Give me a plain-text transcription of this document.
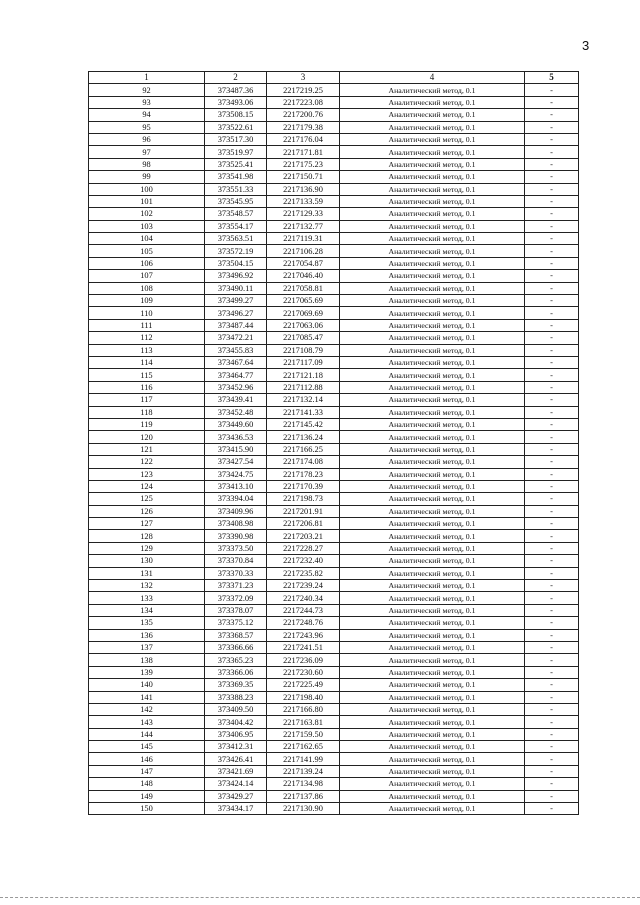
3
1	2	3	4	5
92	373487.36	2217219.25	Аналитический метод, 0.1	-
93	373493.06	2217223.08	Аналитический метод, 0.1	-
94	373508.15	2217200.76	Аналитический метод, 0.1	-
95	373522.61	2217179.38	Аналитический метод, 0.1	-
96	373517.30	2217176.04	Аналитический метод, 0.1	-
97	373519.97	2217171.81	Аналитический метод, 0.1	-
98	373525.41	2217175.23	Аналитический метод, 0.1	-
99	373541.98	2217150.71	Аналитический метод, 0.1	-
100	373551.33	2217136.90	Аналитический метод, 0.1	-
101	373545.95	2217133.59	Аналитический метод, 0.1	-
102	373548.57	2217129.33	Аналитический метод, 0.1	-
103	373554.17	2217132.77	Аналитический метод, 0.1	-
104	373563.51	2217119.31	Аналитический метод, 0.1	-
105	373572.19	2217106.28	Аналитический метод, 0.1	-
106	373504.15	2217054.87	Аналитический метод, 0.1	-
107	373496.92	2217046.40	Аналитический метод, 0.1	-
108	373490.11	2217058.81	Аналитический метод, 0.1	-
109	373499.27	2217065.69	Аналитический метод, 0.1	-
110	373496.27	2217069.69	Аналитический метод, 0.1	-
111	373487.44	2217063.06	Аналитический метод, 0.1	-
112	373472.21	2217085.47	Аналитический метод, 0.1	-
113	373455.83	2217108.79	Аналитический метод, 0.1	-
114	373467.64	2217117.09	Аналитический метод, 0.1	-
115	373464.77	2217121.18	Аналитический метод, 0.1	-
116	373452.96	2217112.88	Аналитический метод, 0.1	-
117	373439.41	2217132.14	Аналитический метод, 0.1	-
118	373452.48	2217141.33	Аналитический метод, 0.1	-
119	373449.60	2217145.42	Аналитический метод, 0.1	-
120	373436.53	2217136.24	Аналитический метод, 0.1	-
121	373415.90	2217166.25	Аналитический метод, 0.1	-
122	373427.54	2217174.08	Аналитический метод, 0.1	-
123	373424.75	2217178.23	Аналитический метод, 0.1	-
124	373413.10	2217170.39	Аналитический метод, 0.1	-
125	373394.04	2217198.73	Аналитический метод, 0.1	-
126	373409.96	2217201.91	Аналитический метод, 0.1	-
127	373408.98	2217206.81	Аналитический метод, 0.1	-
128	373390.98	2217203.21	Аналитический метод, 0.1	-
129	373373.50	2217228.27	Аналитический метод, 0.1	-
130	373370.84	2217232.40	Аналитический метод, 0.1	-
131	373370.33	2217235.82	Аналитический метод, 0.1	-
132	373371.23	2217239.24	Аналитический метод, 0.1	-
133	373372.09	2217240.34	Аналитический метод, 0.1	-
134	373378.07	2217244.73	Аналитический метод, 0.1	-
135	373375.12	2217248.76	Аналитический метод, 0.1	-
136	373368.57	2217243.96	Аналитический метод, 0.1	-
137	373366.66	2217241.51	Аналитический метод, 0.1	-
138	373365.23	2217236.09	Аналитический метод, 0.1	-
139	373366.06	2217230.60	Аналитический метод, 0.1	-
140	373369.35	2217225.49	Аналитический метод, 0.1	-
141	373388.23	2217198.40	Аналитический метод, 0.1	-
142	373409.50	2217166.80	Аналитический метод, 0.1	-
143	373404.42	2217163.81	Аналитический метод, 0.1	-
144	373406.95	2217159.50	Аналитический метод, 0.1	-
145	373412.31	2217162.65	Аналитический метод, 0.1	-
146	373426.41	2217141.99	Аналитический метод, 0.1	-
147	373421.69	2217139.24	Аналитический метод, 0.1	-
148	373424.14	2217134.98	Аналитический метод, 0.1	-
149	373429.27	2217137.86	Аналитический метод, 0.1	-
150	373434.17	2217130.90	Аналитический метод, 0.1	-
